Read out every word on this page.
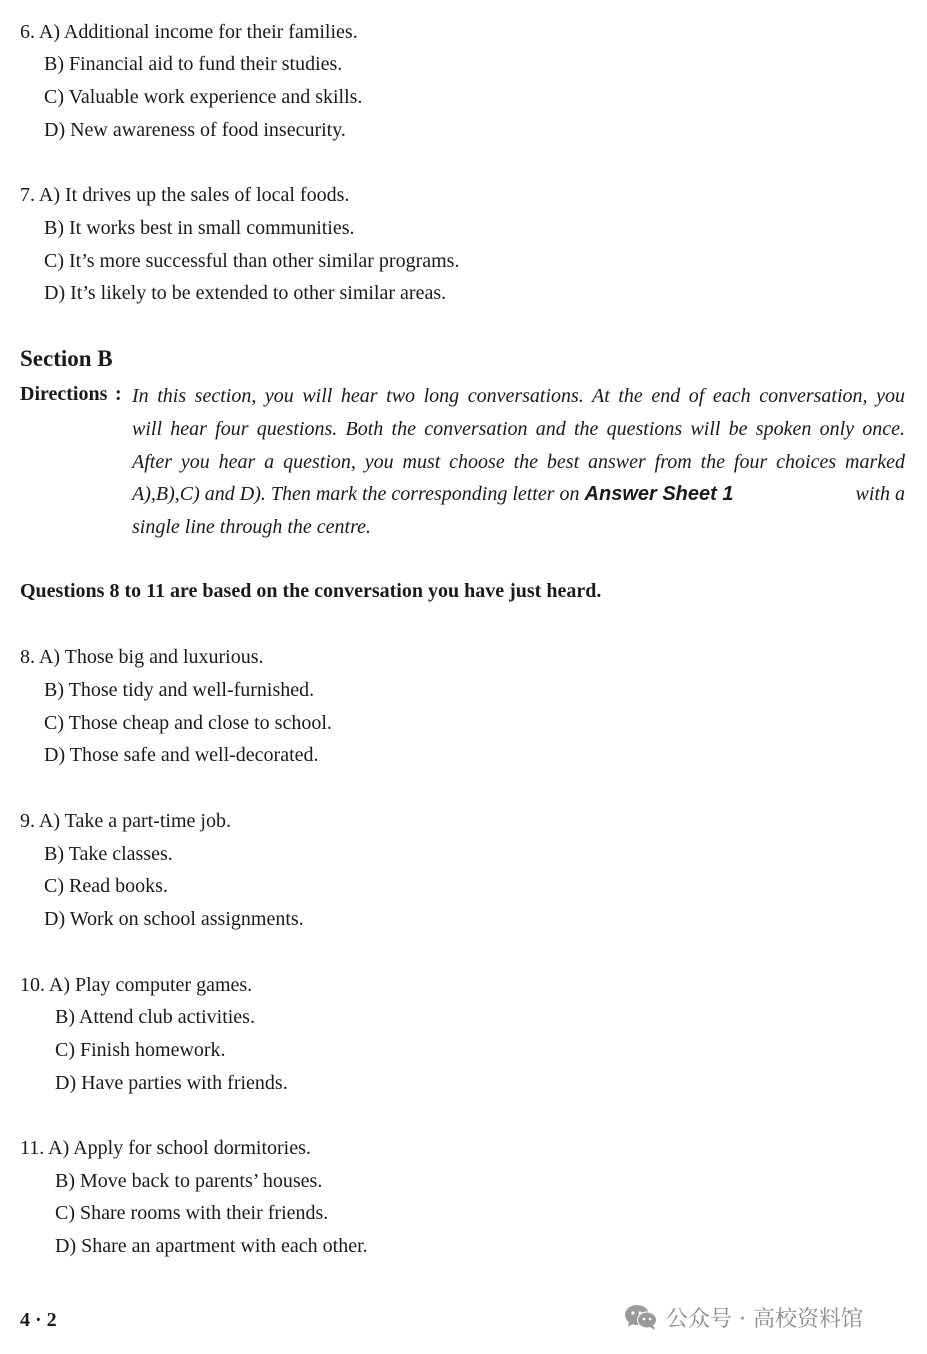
6. A) Additional income for their families.
B) Financial aid to fund their studies.
C) Valuable work experience and skills.
D) New awareness of food insecurity.
7. A) It drives up the sales of local foods.
B) It works best in small communities.
C) It’s more successful than other similar programs.
D) It’s likely to be extended to other similar areas.
Section B
Directions : In this section, you will hear two long conversations. At the end of each conversation, you
will hear four questions. Both the conversation and the questions will be spoken only once.
After you hear a question, you must choose the best answer from the four choices marked
A),B),C) and D). Then mark the corresponding letter on Answer Sheet 1	with a
single line through the centre.
Questions 8 to 11 are based on the conversation you have just heard.
8. A) Those big and luxurious.
B) Those tidy and well-furnished.
C) Those cheap and close to school.
D) Those safe and well-decorated.
9. A) Take a part-time job.
B) Take classes.
C) Read books.
D) Work on school assignments.
10. A) Play computer games.
B) Attend club activities.
C) Finish homework.
D) Have parties with friends.
11. A) Apply for school dormitories.
B) Move back to parents’ houses.
C) Share rooms with their friends.
D) Share an apartment with each other.
4 · 2	公众号 · 高校资料馆
